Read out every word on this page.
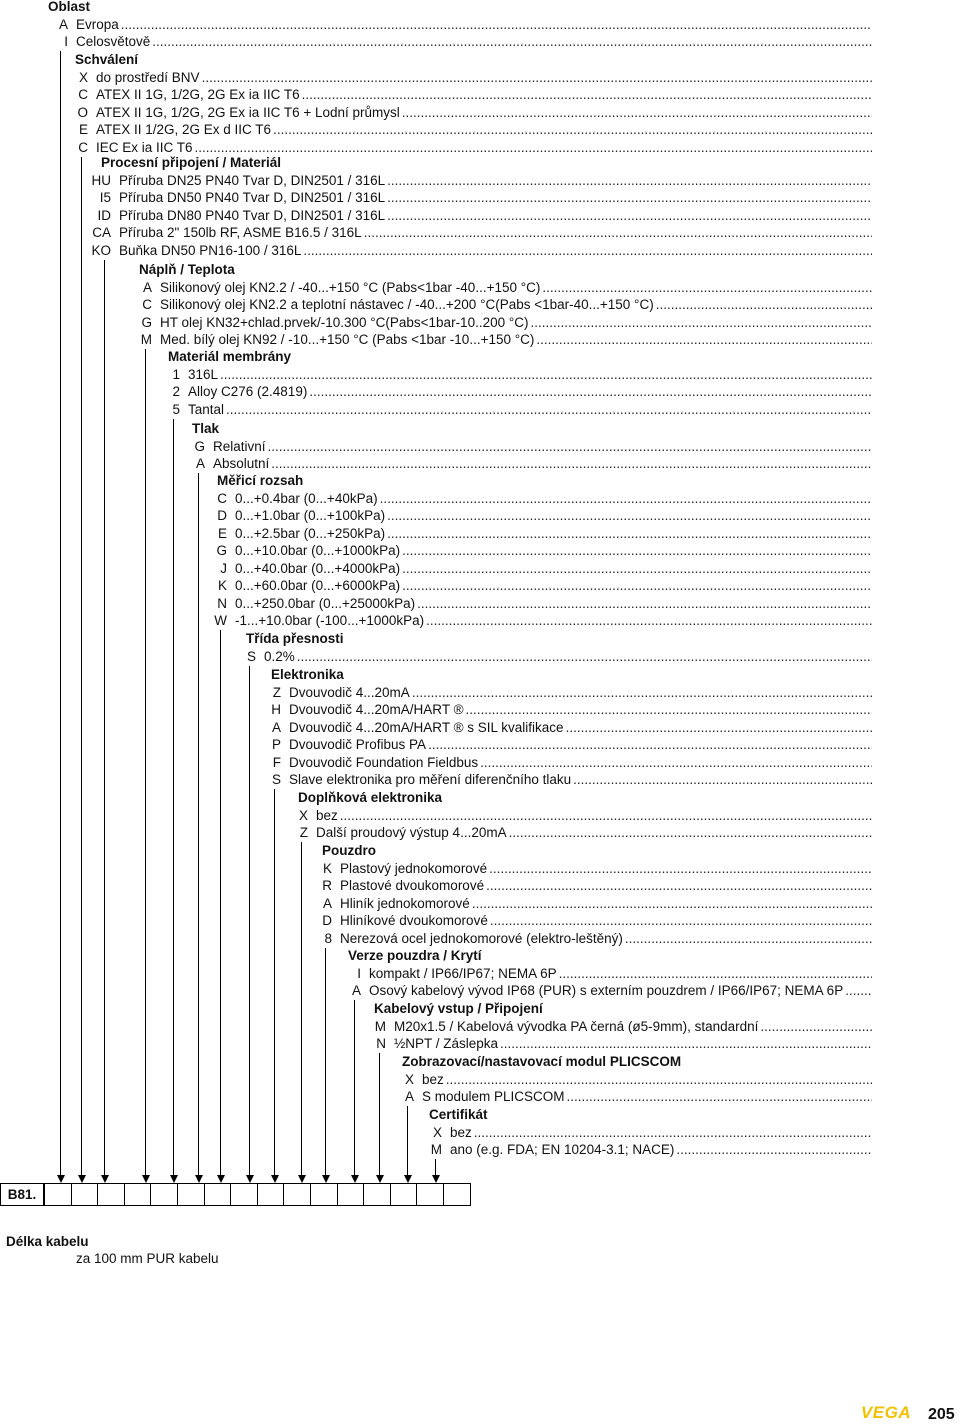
Oblast
A Evropa
.....
I Celosvětově
.....
Schválení
X do prostředí BNV
.....
C ATEX II 1G, 1/2G, 2G Ex ia IIC T6
.....
O ATEX II 1G, 1/2G, 2G Ex ia IIC T6 + Lodní průmysl
.....
E ATEX II 1/2G, 2G Ex d IIC T6
.....
C IEC Ex ia IIC T6
.....
Procesní připojení / Materiál
HU Příruba DN25 PN40 Tvar D, DIN2501 / 316L
.....
I5 Příruba DN50 PN40 Tvar D, DIN2501 / 316L
.....
ID Příruba DN80 PN40 Tvar D, DIN2501 / 316L
.....
CA Příruba 2" 150lb RF, ASME B16.5 / 316L
.....
KO Buňka DN50 PN16-100 / 316L
.....
Náplň / Teplota
A Silikonový olej KN2.2 / -40...+150 °C (Pabs<1bar -40...+150 °C)
.....
C Silikonový olej KN2.2 a teplotní nástavec / -40...+200 °C(Pabs <1bar-40...+150 °C)
.....
G HT olej KN32+chlad.prvek/-10.300 °C(Pabs<1bar-10..200 °C)
.....
M Med. bílý olej KN92 / -10...+150 °C (Pabs <1bar -10...+150 °C)
.....
Materiál membrány
1 316L
.....
2 Alloy C276 (2.4819)
.....
5 Tantal
.....
Tlak
G Relativní
.....
A Absolutní
.....
Měřicí rozsah
C 0...+0.4bar (0...+40kPa)
.....
D 0...+1.0bar (0...+100kPa)
.....
E 0...+2.5bar (0...+250kPa)
.....
G 0...+10.0bar (0...+1000kPa)
.....
J 0...+40.0bar (0...+4000kPa)
.....
K 0...+60.0bar (0...+6000kPa)
.....
N 0...+250.0bar (0...+25000kPa)
.....
W -1...+10.0bar (-100...+1000kPa)
.....
Třída přesnosti
S 0.2%
.....
Elektronika
Z Dvouvodič 4...20mA
.....
H Dvouvodič 4...20mA/HART ®
.....
A Dvouvodič 4...20mA/HART ® s SIL kvalifikace
.....
P Dvouvodič Profibus PA
.....
F Dvouvodič Foundation Fieldbus
.....
S Slave elektronika pro měření diferenčního tlaku
.....
Doplňková elektronika
X bez
.....
Z Další proudový výstup 4...20mA
.....
Pouzdro
K Plastový jednokomorové
.....
R Plastové dvoukomorové
.....
A Hliník jednokomorové
.....
D Hliníkové dvoukomorové
.....
8 Nerezová ocel jednokomorové (elektro-leštěný)
.....
Verze pouzdra / Krytí
I kompakt / IP66/IP67; NEMA 6P
.....
A Osový kabelový vývod IP68 (PUR) s externím pouzdrem / IP66/IP67; NEMA 6P
.....
Kabelový vstup / Připojení
M M20x1.5 / Kabelová vývodka PA černá (ø5-9mm), standardní
.....
N ½NPT / Záslepka
.....
Zobrazovací/nastavovací modul PLICSCOM
X bez
.....
A S modulem PLICSCOM
.....
Certifikát
X bez
.....
M ano (e.g. FDA; EN 10204-3.1; NACE)
.....
B81.
Délka kabelu
za 100 mm PUR kabelu
VEGA 205
